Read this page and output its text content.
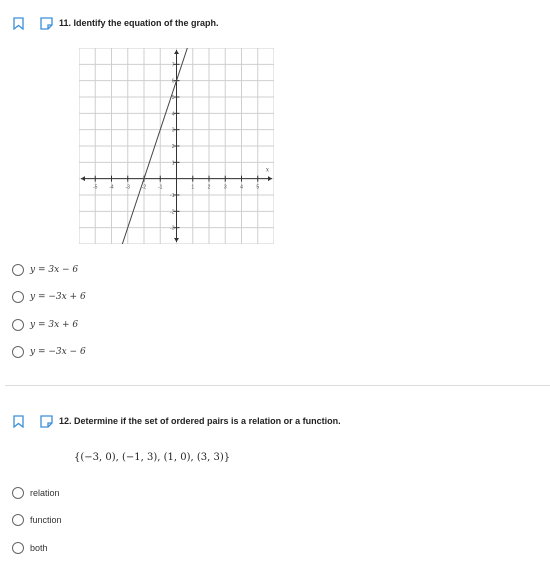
11. Identify the equation of the graph.
-5 -4 -3 -2 -1	1	2	3	4	5
7
6
5
4
3
2
1
-1
-2
-3
x
y = 3x − 6
y = −3x + 6
y = 3x + 6
y = −3x − 6
12. Determine if the set of ordered pairs is a relation or a function.
{(−3, 0), (−1, 3), (1, 0), (3, 3)}
relation
function
both
